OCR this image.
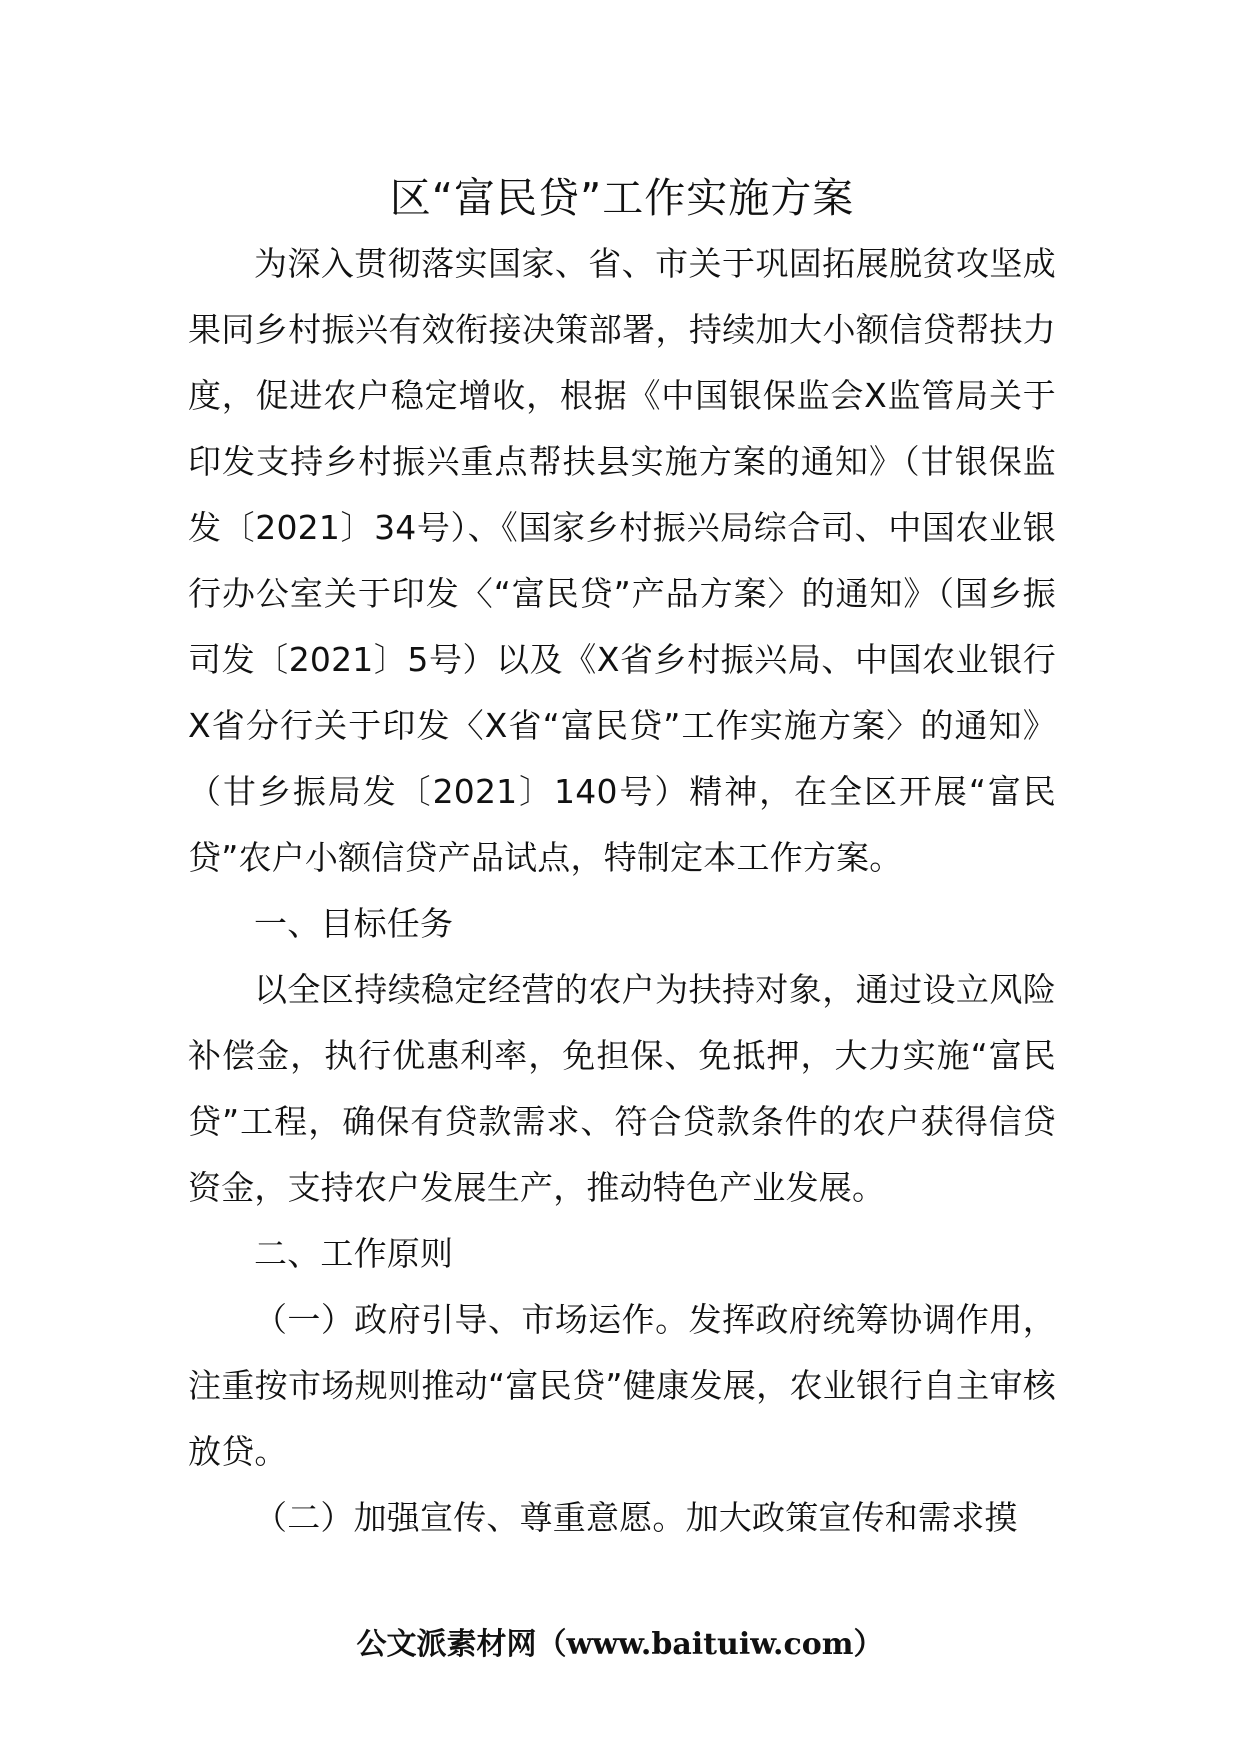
区“富民贷”工作实施方案

为深入贯彻落实国家、省、市关于巩固拓展脱贫攻坚成果同乡村振兴有效衔接决策部署，持续加大小额信贷帮扶力度，促进农户稳定增收，根据《中国银保监会X监管局关于印发支持乡村振兴重点帮扶县实施方案的通知》（甘银保监发〔2021〕34号）、《国家乡村振兴局综合司、中国农业银行办公室关于印发〈“富民贷”产品方案〉的通知》（国乡振司发〔2021〕5号）以及《X省乡村振兴局、中国农业银行X省分行关于印发〈X省“富民贷”工作实施方案〉的通知》（甘乡振局发〔2021〕140号）精神，在全区开展“富民贷”农户小额信贷产品试点，特制定本工作方案。

一、目标任务

以全区持续稳定经营的农户为扶持对象，通过设立风险补偿金，执行优惠利率，免担保、免抵押，大力实施“富民贷”工程，确保有贷款需求、符合贷款条件的农户获得信贷资金，支持农户发展生产，推动特色产业发展。

二、工作原则

（一）政府引导、市场运作。发挥政府统筹协调作用，注重按市场规则推动“富民贷”健康发展，农业银行自主审核放贷。

（二）加强宣传、尊重意愿。加大政策宣传和需求摸

公文派素材网（www.baituiw.com）
